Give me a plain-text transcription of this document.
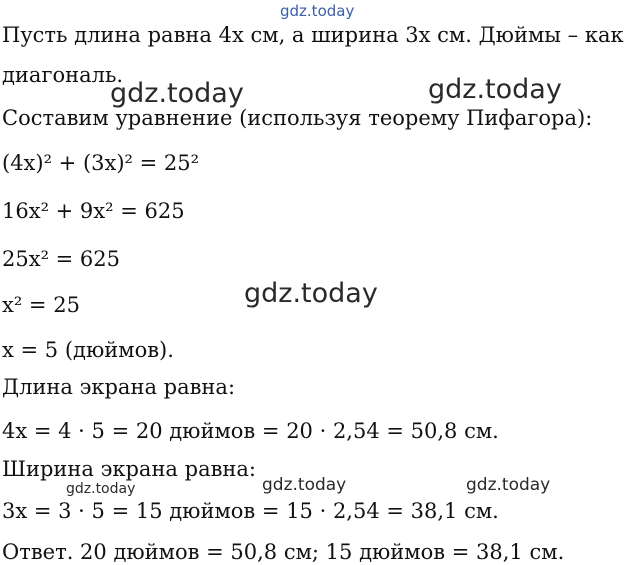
gdz.today
Пусть длина равна 4x см, а ширина 3x см. Дюймы – как
диагональ.
Составим уравнение (используя теорему Пифагора):
(4x)² + (3x)² = 25²
16x² + 9x² = 625
25x² = 625
x² = 25
x = 5 (дюймов).
Длина экрана равна:
4x = 4 · 5 = 20 дюймов = 20 · 2,54 = 50,8 см.
Ширина экрана равна:
3x = 3 · 5 = 15 дюймов = 15 · 2,54 = 38,1 см.
Ответ. 20 дюймов = 50,8 см; 15 дюймов = 38,1 см.
gdz.today	gdz.today
gdz.today
gdz.today	gdz.today	gdz.today
